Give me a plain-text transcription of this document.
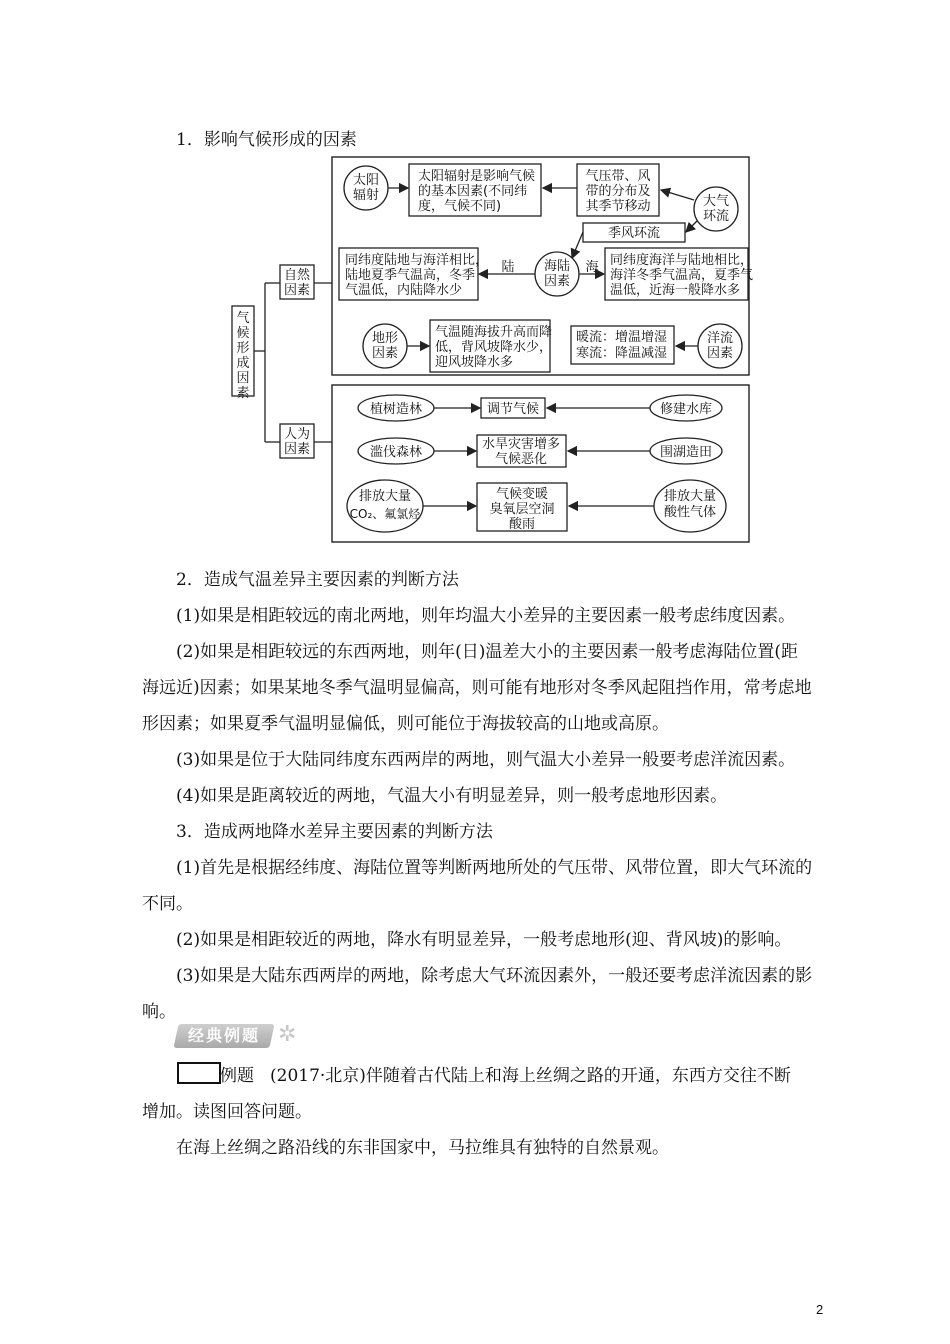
1．影响气候形成的因素
气候形成因素
自然
因素
人为
因素
太阳
辐射
太阳辐射是影响气候
的基本因素(不同纬
度，气候不同)
气压带、风
带的分布及
其季节移动	大气
环流
季风环流
海陆
因素
陆	海
同纬度陆地与海洋相比，
陆地夏季气温高，冬季
气温低，内陆降水少
同纬度海洋与陆地相比，
海洋冬季气温高，夏季气
温低，近海一般降水多
地形
因素
气温随海拔升高而降
低，背风坡降水少，
迎风坡降水多
暖流：增温增湿
寒流：降温减湿
洋流
因素
植树造林	调节气候	修建水库
滥伐森林
水旱灾害增多
气候恶化	围湖造田
排放大量
CO₂、氟氯烃
气候变暖
臭氧层空洞
酸雨
排放大量
酸性气体
2．造成气温差异主要因素的判断方法
(1)如果是相距较远的南北两地，则年均温大小差异的主要因素一般考虑纬度因素。
(2)如果是相距较远的东西两地，则年(日)温差大小的主要因素一般考虑海陆位置(距
海远近)因素；如果某地冬季气温明显偏高，则可能有地形对冬季风起阻挡作用，常考虑地
形因素；如果夏季气温明显偏低，则可能位于海拔较高的山地或高原。
(3)如果是位于大陆同纬度东西两岸的两地，则气温大小差异一般要考虑洋流因素。
(4)如果是距离较近的两地，气温大小有明显差异，则一般考虑地形因素。
3．造成两地降水差异主要因素的判断方法
(1)首先是根据经纬度、海陆位置等判断两地所处的气压带、风带位置，即大气环流的
不同。
(2)如果是相距较近的两地，降水有明显差异，一般考虑地形(迎、背风坡)的影响。
(3)如果是大陆东西两岸的两地，除考虑大气环流因素外，一般还要考虑洋流因素的影
响。
经典例题 ✲
例题 (2017·北京)伴随着古代陆上和海上丝绸之路的开通，东西方交往不断
增加。读图回答问题。
在海上丝绸之路沿线的东非国家中，马拉维具有独特的自然景观。
2
